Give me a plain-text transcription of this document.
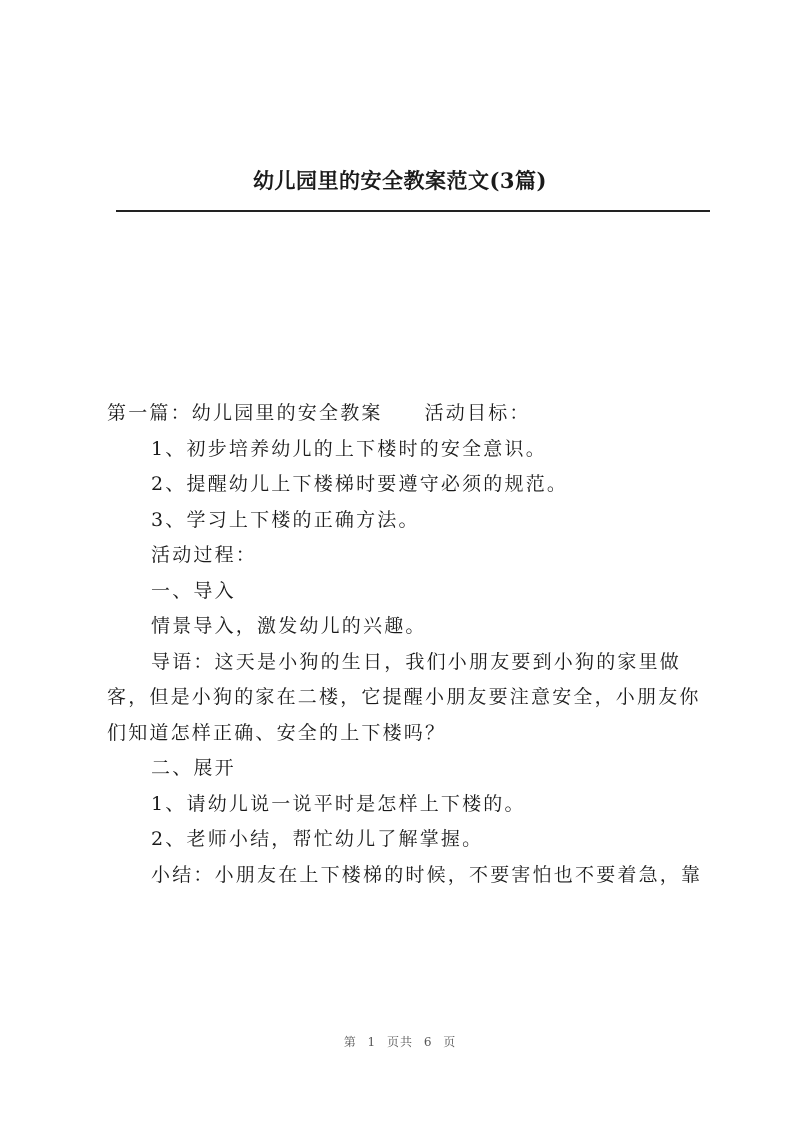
幼儿园里的安全教案范文(3篇)
第一篇：幼儿园里的安全教案 活动目标：
1、初步培养幼儿的上下楼时的安全意识。
2、提醒幼儿上下楼梯时要遵守必须的规范。
3、学习上下楼的正确方法。
活动过程：
一、导入
情景导入，激发幼儿的兴趣。
导语：这天是小狗的生日，我们小朋友要到小狗的家里做
客，但是小狗的家在二楼，它提醒小朋友要注意安全，小朋友你
们知道怎样正确、安全的上下楼吗？
二、展开
1、请幼儿说一说平时是怎样上下楼的。
2、老师小结，帮忙幼儿了解掌握。
小结：小朋友在上下楼梯的时候，不要害怕也不要着急，靠
第 1 页共 6 页
